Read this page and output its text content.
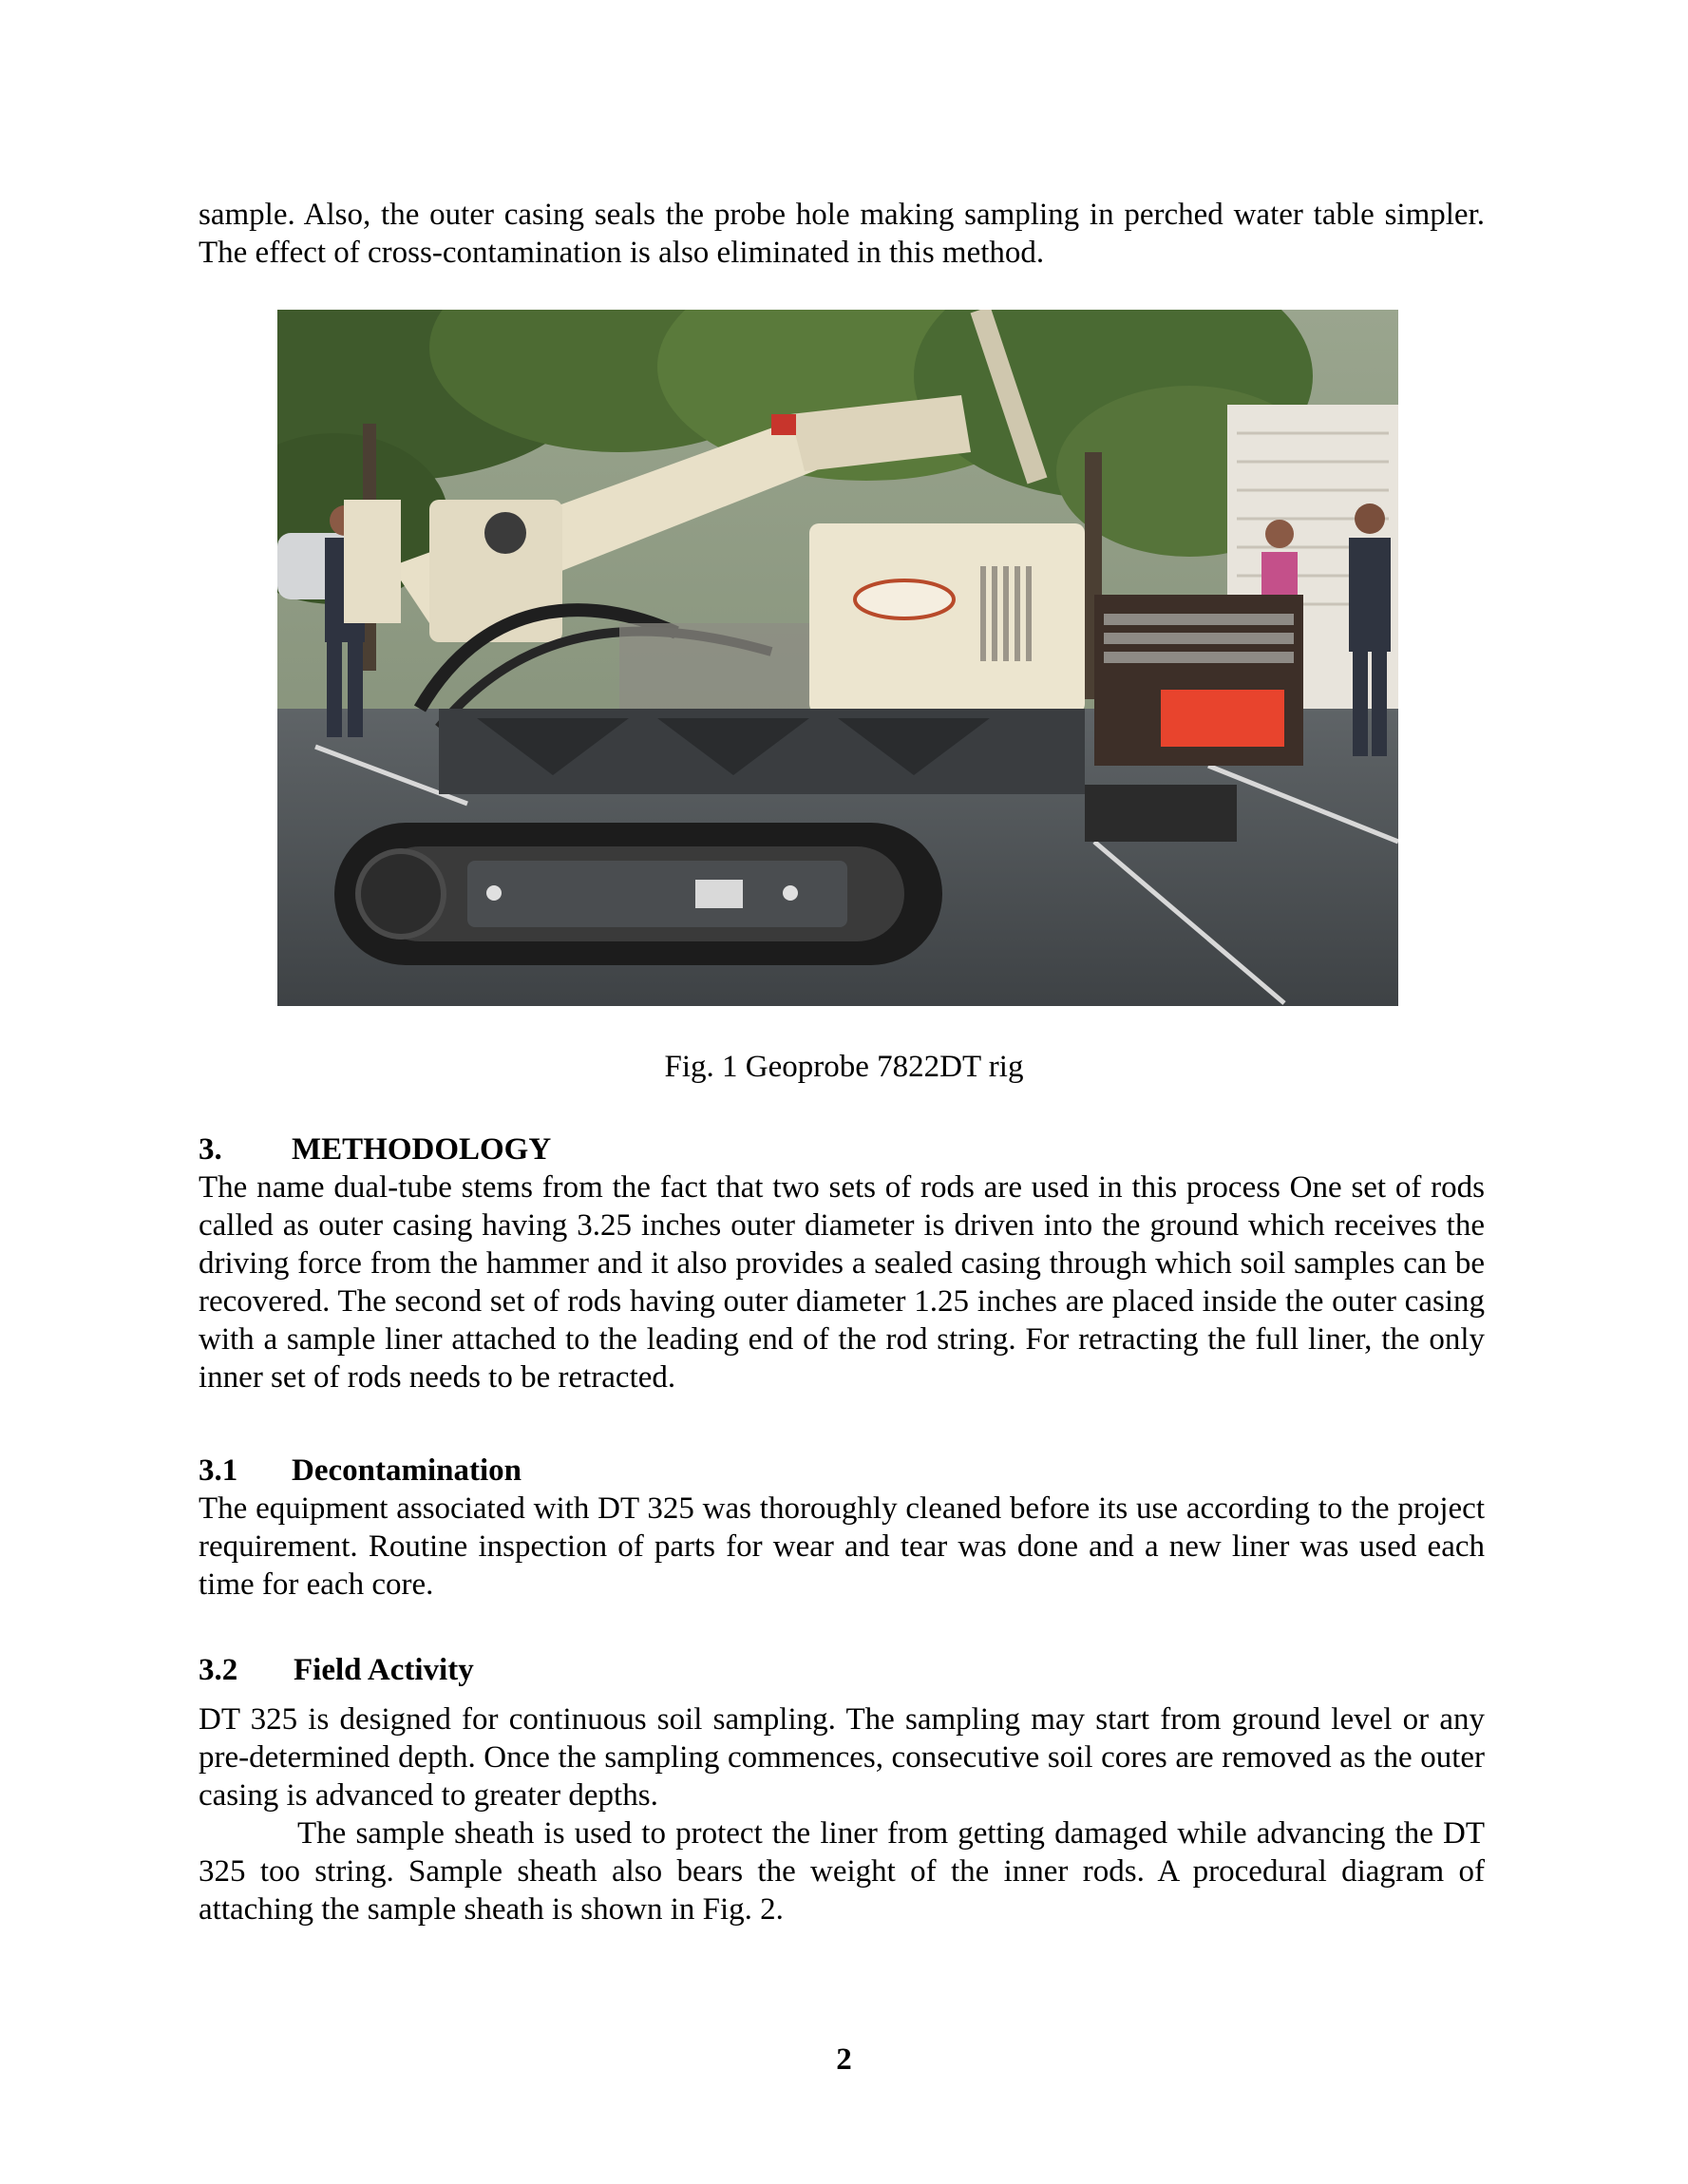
sample. Also, the outer casing seals the probe hole making sampling in perched water table simpler. The effect of cross-contamination is also eliminated in this method.
Fig. 1 Geoprobe 7822DT rig
3. METHODOLOGY
The name dual-tube stems from the fact that two sets of rods are used in this process One set of rods called as outer casing having 3.25 inches outer diameter is driven into the ground which receives the driving force from the hammer and it also provides a sealed casing through which soil samples can be recovered. The second set of rods having outer diameter 1.25 inches are placed inside the outer casing with a sample liner attached to the leading end of the rod string. For retracting the full liner, the only inner set of rods needs to be retracted.
3.1 Decontamination
The equipment associated with DT 325 was thoroughly cleaned before its use according to the project requirement. Routine inspection of parts for wear and tear was done and a new liner was used each time for each core.
3.2 Field Activity

DT 325 is designed for continuous soil sampling. The sampling may start from ground level or any pre-determined depth. Once the sampling commences, consecutive soil cores are removed as the outer casing is advanced to greater depths.

The sample sheath is used to protect the liner from getting damaged while advancing the DT 325 too string. Sample sheath also bears the weight of the inner rods. A procedural diagram of attaching the sample sheath is shown in Fig. 2.

2
